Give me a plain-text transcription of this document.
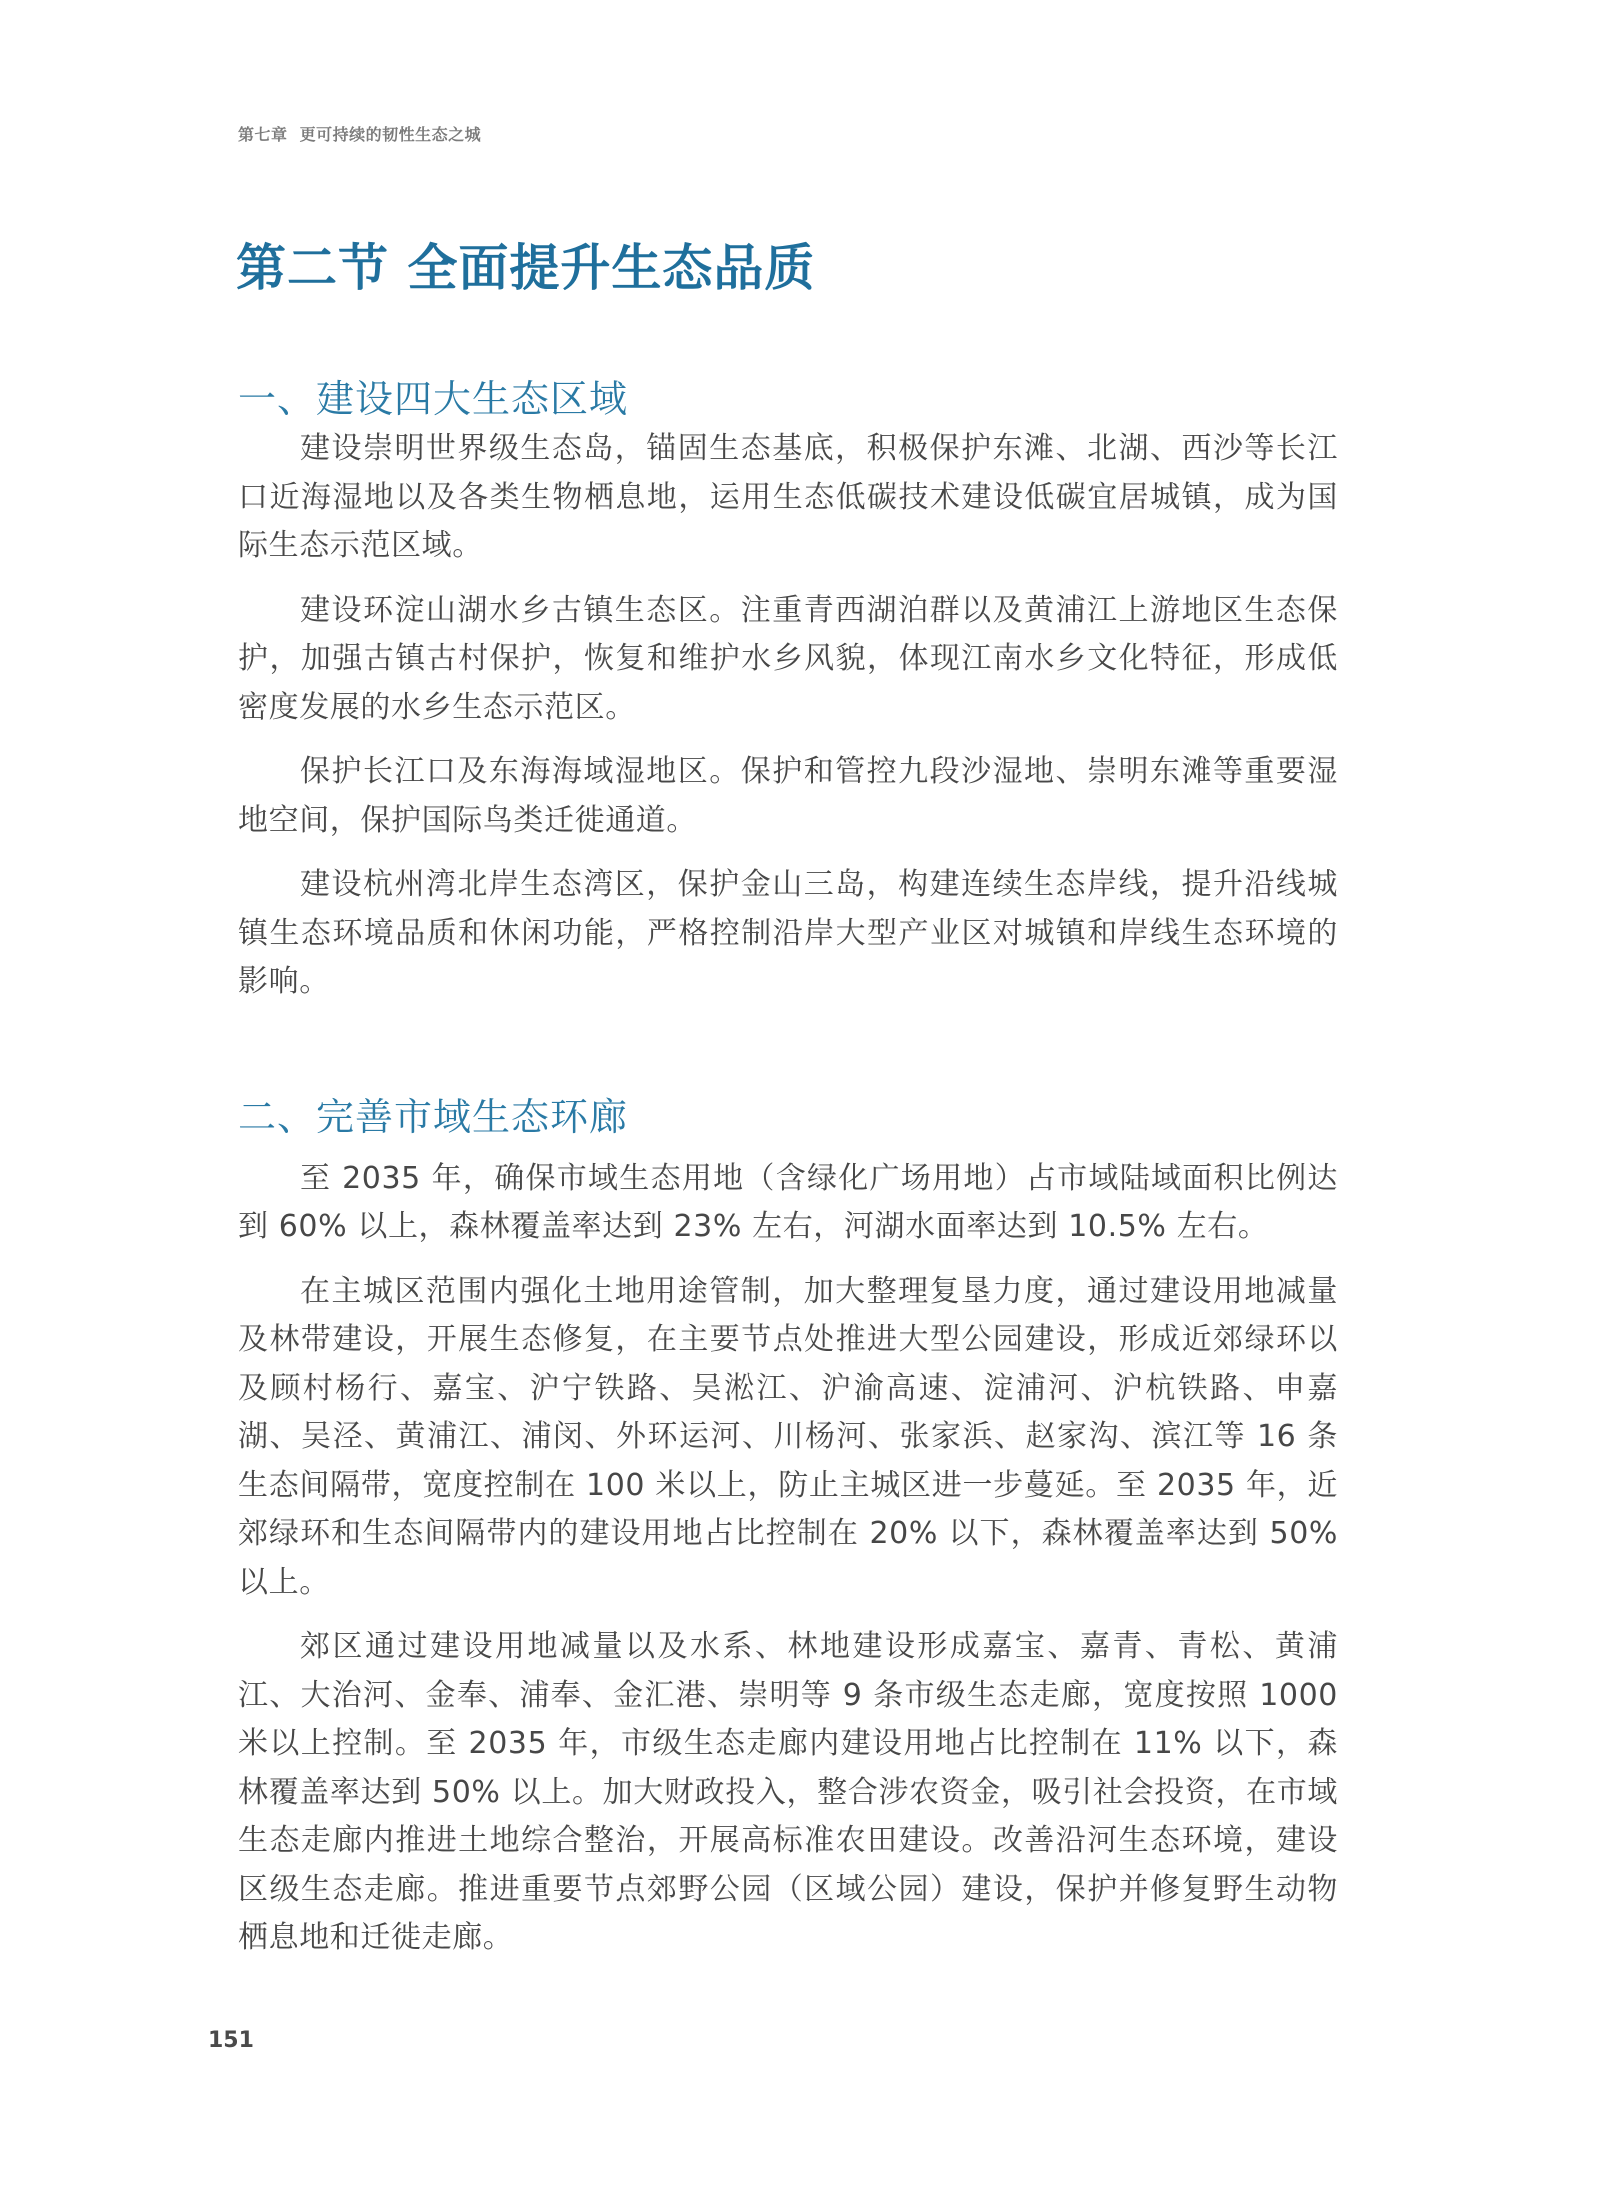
第七章  更可持续的韧性生态之城
第二节 全面提升生态品质
一、建设四大生态区域

建设崇明世界级生态岛，锚固生态基底，积极保护东滩、北湖、西沙等长江口近海湿地以及各类生物栖息地，运用生态低碳技术建设低碳宜居城镇，成为国际生态示范区域。

建设环淀山湖水乡古镇生态区。注重青西湖泊群以及黄浦江上游地区生态保护，加强古镇古村保护，恢复和维护水乡风貌，体现江南水乡文化特征，形成低密度发展的水乡生态示范区。

保护长江口及东海海域湿地区。保护和管控九段沙湿地、崇明东滩等重要湿地空间，保护国际鸟类迁徙通道。

建设杭州湾北岸生态湾区，保护金山三岛，构建连续生态岸线，提升沿线城镇生态环境品质和休闲功能，严格控制沿岸大型产业区对城镇和岸线生态环境的影响。

二、完善市域生态环廊

至 2035 年，确保市域生态用地（含绿化广场用地）占市域陆域面积比例达到 60% 以上，森林覆盖率达到 23% 左右，河湖水面率达到 10.5% 左右。

在主城区范围内强化土地用途管制，加大整理复垦力度，通过建设用地减量及林带建设，开展生态修复，在主要节点处推进大型公园建设，形成近郊绿环以及顾村杨行、嘉宝、沪宁铁路、吴淞江、沪渝高速、淀浦河、沪杭铁路、申嘉湖、吴泾、黄浦江、浦闵、外环运河、川杨河、张家浜、赵家沟、滨江等 16 条生态间隔带，宽度控制在 100 米以上，防止主城区进一步蔓延。至 2035 年，近郊绿环和生态间隔带内的建设用地占比控制在 20% 以下，森林覆盖率达到 50% 以上。

郊区通过建设用地减量以及水系、林地建设形成嘉宝、嘉青、青松、黄浦江、大治河、金奉、浦奉、金汇港、崇明等 9 条市级生态走廊，宽度按照 1000 米以上控制。至 2035 年，市级生态走廊内建设用地占比控制在 11% 以下，森林覆盖率达到 50% 以上。加大财政投入，整合涉农资金，吸引社会投资，在市域生态走廊内推进土地综合整治，开展高标准农田建设。改善沿河生态环境，建设区级生态走廊。推进重要节点郊野公园（区域公园）建设，保护并修复野生动物栖息地和迁徙走廊。

151
